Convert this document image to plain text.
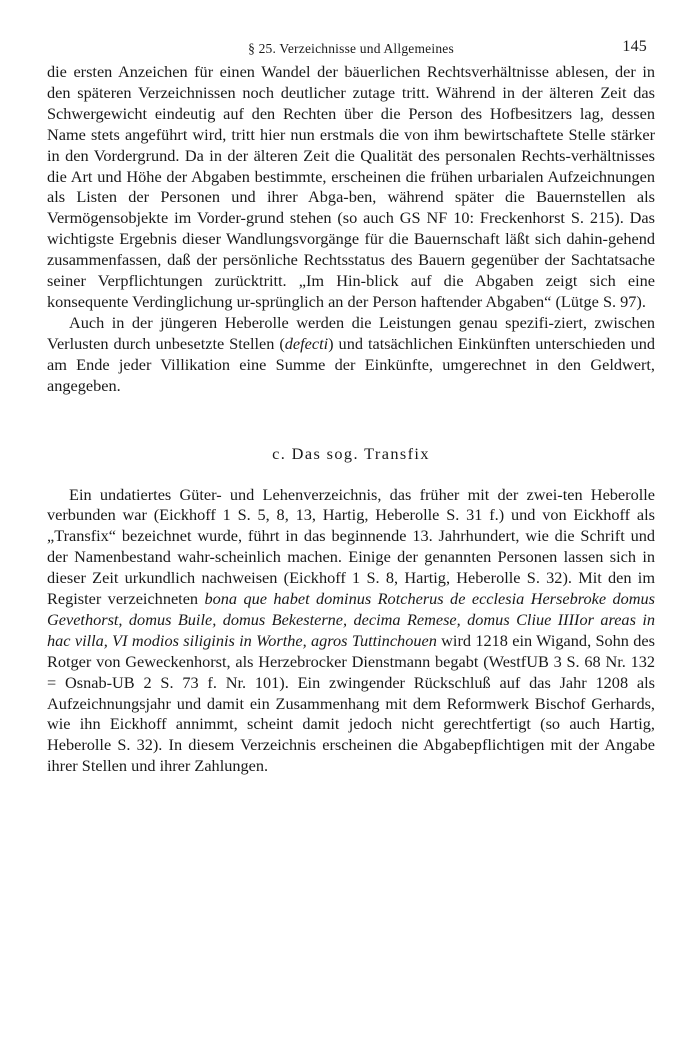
§ 25. Verzeichnisse und Allgemeines	145

die ersten Anzeichen für einen Wandel der bäuerlichen Rechtsverhältnisse ablesen, der in den späteren Verzeichnissen noch deutlicher zutage tritt. Während in der älteren Zeit das Schwergewicht eindeutig auf den Rechten über die Person des Hofbesitzers lag, dessen Name stets angeführt wird, tritt hier nun erstmals die von ihm bewirtschaftete Stelle stärker in den Vordergrund. Da in der älteren Zeit die Qualität des personalen Rechts-verhältnisses die Art und Höhe der Abgaben bestimmte, erscheinen die frühen urbarialen Aufzeichnungen als Listen der Personen und ihrer Abga-ben, während später die Bauernstellen als Vermögensobjekte im Vorder-grund stehen (so auch GS NF 10: Freckenhorst S. 215). Das wichtigste Ergebnis dieser Wandlungsvorgänge für die Bauernschaft läßt sich dahin-gehend zusammenfassen, daß der persönliche Rechtsstatus des Bauern gegenüber der Sachtatsache seiner Verpflichtungen zurücktritt. „Im Hin-blick auf die Abgaben zeigt sich eine konsequente Verdinglichung ur-sprünglich an der Person haftender Abgaben“ (Lütge S. 97).

Auch in der jüngeren Heberolle werden die Leistungen genau spezifi-ziert, zwischen Verlusten durch unbesetzte Stellen (defecti) und tatsächlichen Einkünften unterschieden und am Ende jeder Villikation eine Summe der Einkünfte, umgerechnet in den Geldwert, angegeben.

c. Das sog. Transfix

Ein undatiertes Güter- und Lehenverzeichnis, das früher mit der zwei-ten Heberolle verbunden war (Eickhoff 1 S. 5, 8, 13, Hartig, Heberolle S. 31 f.) und von Eickhoff als „Transfix“ bezeichnet wurde, führt in das beginnende 13. Jahrhundert, wie die Schrift und der Namenbestand wahr-scheinlich machen. Einige der genannten Personen lassen sich in dieser Zeit urkundlich nachweisen (Eickhoff 1 S. 8, Hartig, Heberolle S. 32). Mit den im Register verzeichneten bona que habet dominus Rotcherus de ecclesia Hersebroke domus Gevethorst, domus Buile, domus Bekesterne, decima Remese, domus Cliue IIIIor areas in hac villa, VI modios siliginis in Worthe, agros Tuttinchouen wird 1218 ein Wigand, Sohn des Rotger von Geweckenhorst, als Herzebrocker Dienstmann begabt (WestfUB 3 S. 68 Nr. 132 = Osnab-UB 2 S. 73 f. Nr. 101). Ein zwingender Rückschluß auf das Jahr 1208 als Aufzeichnungsjahr und damit ein Zusammenhang mit dem Reformwerk Bischof Gerhards, wie ihn Eickhoff annimmt, scheint damit jedoch nicht gerechtfertigt (so auch Hartig, Heberolle S. 32). In diesem Verzeichnis erscheinen die Abgabepflichtigen mit der Angabe ihrer Stellen und ihrer Zahlungen.
